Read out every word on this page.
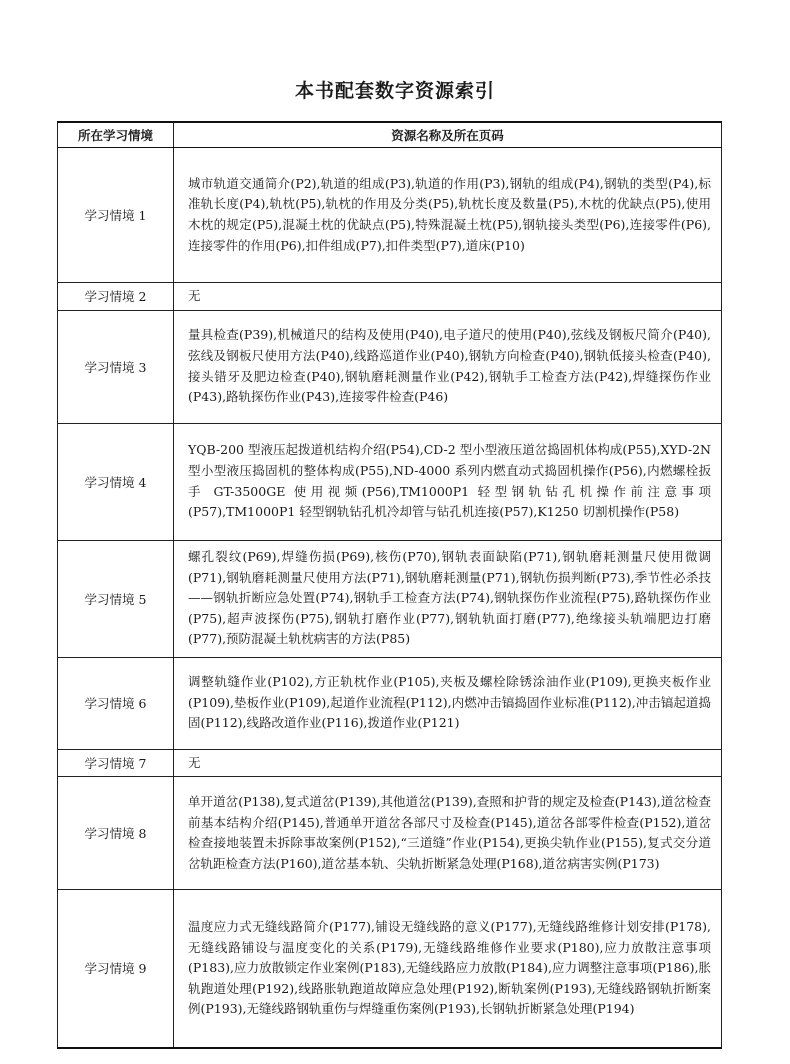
本书配套数字资源索引
所在学习情境	资源名称及所在页码
学习情境 1	城市轨道交通简介(P2),轨道的组成(P3),轨道的作用(P3),钢轨的组成(P4),钢轨的类型(P4),标准轨长度(P4),轨枕(P5),轨枕的作用及分类(P5),轨枕长度及数量(P5),木枕的优缺点(P5),使用木枕的规定(P5),混凝土枕的优缺点(P5),特殊混凝土枕(P5),钢轨接头类型(P6),连接零件(P6),连接零件的作用(P6),扣件组成(P7),扣件类型(P7),道床(P10)
学习情境 2	无
学习情境 3	量具检查(P39),机械道尺的结构及使用(P40),电子道尺的使用(P40),弦线及钢板尺简介(P40),弦线及钢板尺使用方法(P40),线路巡道作业(P40),钢轨方向检查(P40),钢轨低接头检查(P40),接头错牙及肥边检查(P40),钢轨磨耗测量作业(P42),钢轨手工检查方法(P42),焊缝探伤作业(P43),路轨探伤作业(P43),连接零件检查(P46)
学习情境 4	YQB-200 型液压起拨道机结构介绍(P54),CD-2 型小型液压道岔捣固机体构成(P55),XYD-2N 型小型液压捣固机的整体构成(P55),ND-4000 系列内燃直动式捣固机操作(P56),内燃螺栓扳手 GT-3500GE 使用视频(P56),TM1000P1 轻型钢轨钻孔机操作前注意事项(P57),TM1000P1 轻型钢轨钻孔机冷却管与钻孔机连接(P57),K1250 切割机操作(P58)
学习情境 5	螺孔裂纹(P69),焊缝伤损(P69),核伤(P70),钢轨表面缺陷(P71),钢轨磨耗测量尺使用微调(P71),钢轨磨耗测量尺使用方法(P71),钢轨磨耗测量(P71),钢轨伤损判断(P73),季节性必杀技——钢轨折断应急处置(P74),钢轨手工检查方法(P74),钢轨探伤作业流程(P75),路轨探伤作业(P75),超声波探伤(P75),钢轨打磨作业(P77),钢轨轨面打磨(P77),绝缘接头轨端肥边打磨(P77),预防混凝土轨枕病害的方法(P85)
学习情境 6	调整轨缝作业(P102),方正轨枕作业(P105),夹板及螺栓除锈涂油作业(P109),更换夹板作业(P109),垫板作业(P109),起道作业流程(P112),内燃冲击镐捣固作业标准(P112),冲击镐起道捣固(P112),线路改道作业(P116),拨道作业(P121)
学习情境 7	无
学习情境 8	单开道岔(P138),复式道岔(P139),其他道岔(P139),查照和护背的规定及检查(P143),道岔检查前基本结构介绍(P145),普通单开道岔各部尺寸及检查(P145),道岔各部零件检查(P152),道岔检查接地装置未拆除事故案例(P152),“三道缝”作业(P154),更换尖轨作业(P155),复式交分道岔轨距检查方法(P160),道岔基本轨、尖轨折断紧急处理(P168),道岔病害实例(P173)
学习情境 9	温度应力式无缝线路简介(P177),铺设无缝线路的意义(P177),无缝线路维修计划安排(P178),无缝线路铺设与温度变化的关系(P179),无缝线路维修作业要求(P180),应力放散注意事项(P183),应力放散锁定作业案例(P183),无缝线路应力放散(P184),应力调整注意事项(P186),胀轨跑道处理(P192),线路胀轨跑道故障应急处理(P192),断轨案例(P193),无缝线路钢轨折断案例(P193),无缝线路钢轨重伤与焊缝重伤案例(P193),长钢轨折断紧急处理(P194)
